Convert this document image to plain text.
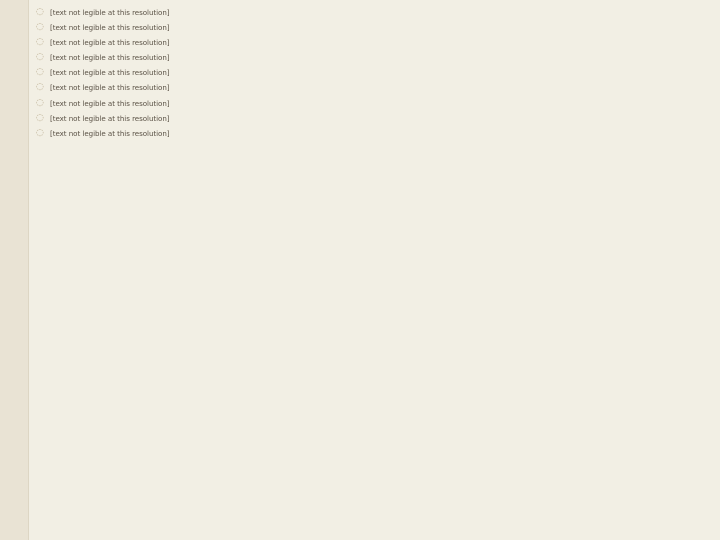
◌ [text not legible at this resolution]
◌ [text not legible at this resolution]
◌ [text not legible at this resolution]
◌ [text not legible at this resolution]
◌ [text not legible at this resolution]
◌ [text not legible at this resolution]
◌ [text not legible at this resolution]
◌ [text not legible at this resolution]
◌ [text not legible at this resolution]
